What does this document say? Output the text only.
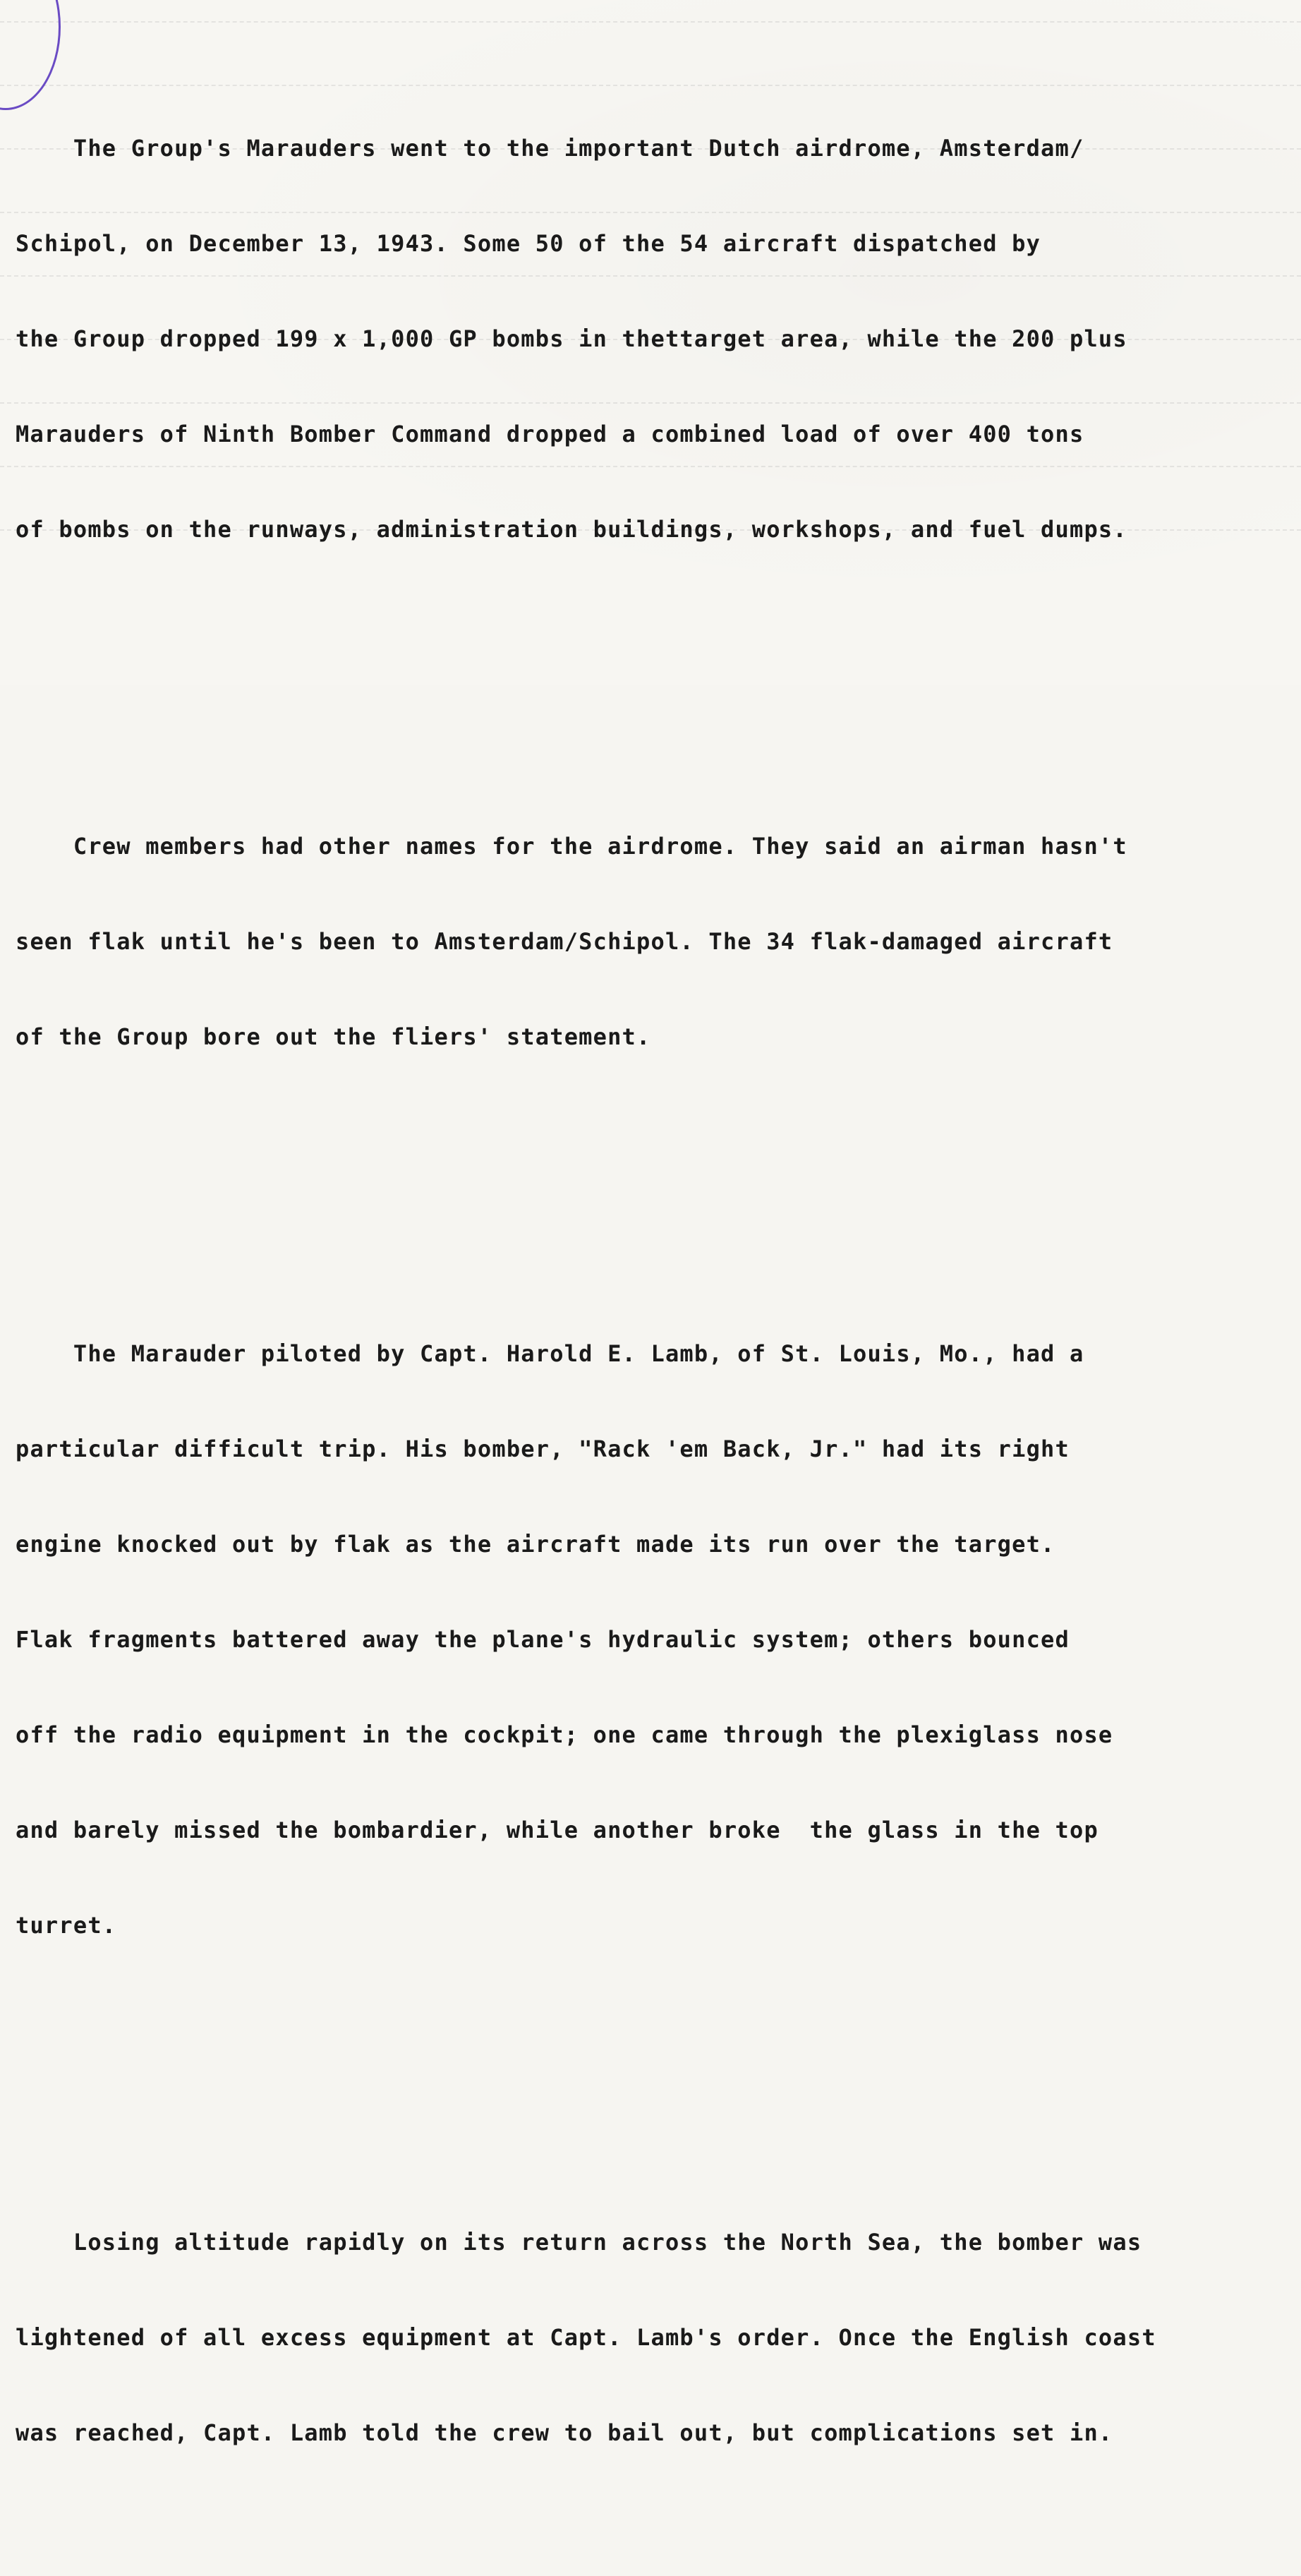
The Group's Marauders went to the important Dutch airdrome, Amsterdam/

Schipol, on December 13, 1943. Some 50 of the 54 aircraft dispatched by

the Group dropped 199 x 1,000 GP bombs in thettarget area, while the 200 plus

Marauders of Ninth Bomber Command dropped a combined load of over 400 tons

of bombs on the runways, administration buildings, workshops, and fuel dumps.

Crew members had other names for the airdrome. They said an airman hasn't

seen flak until he's been to Amsterdam/Schipol. The 34 flak-damaged aircraft

of the Group bore out the fliers' statement.

The Marauder piloted by Capt. Harold E. Lamb, of St. Louis, Mo., had a

particular difficult trip. His bomber, "Rack 'em Back, Jr." had its right

engine knocked out by flak as the aircraft made its run over the target.

Flak fragments battered away the plane's hydraulic system; others bounced

off the radio equipment in the cockpit; one came through the plexiglass nose

and barely missed the bombardier, while another broke  the glass in the top

turret.

Losing altitude rapidly on its return across the North Sea, the bomber was

lightened of all excess equipment at Capt. Lamb's order. Once the English coast

was reached, Capt. Lamb told the crew to bail out, but complications set in.
